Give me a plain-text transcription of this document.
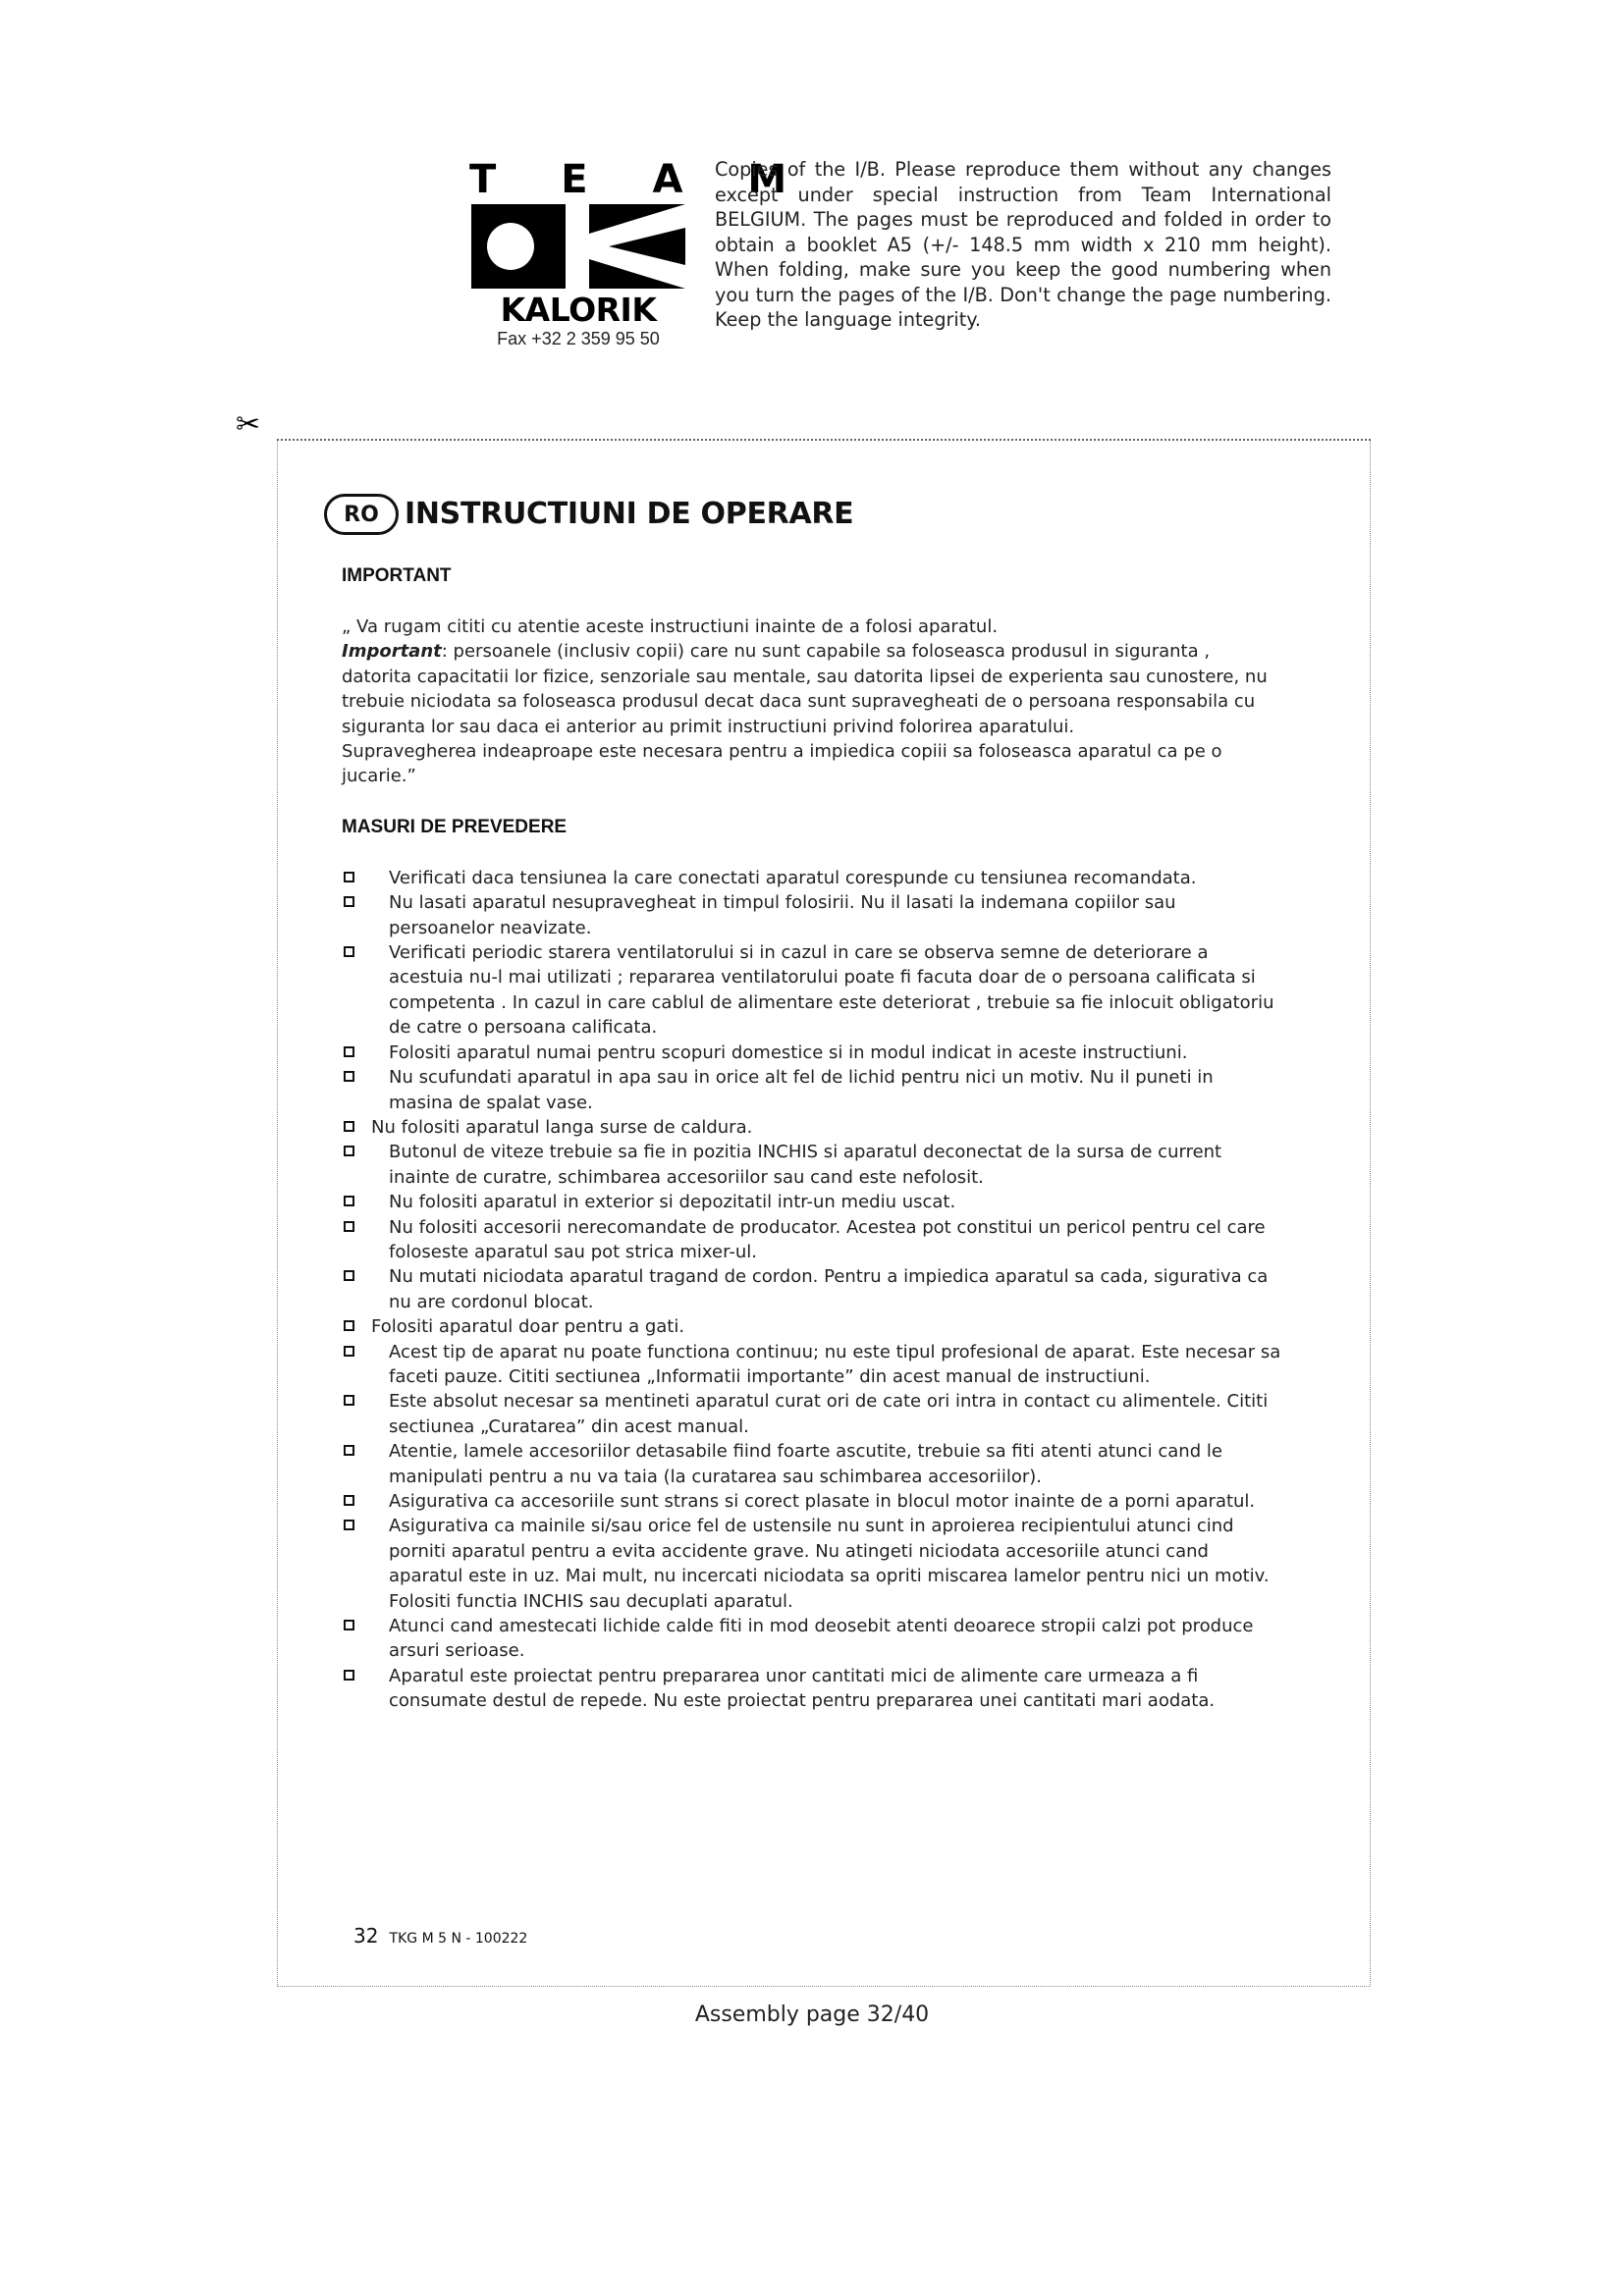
T E A M
KALORIK
Fax +32 2 359 95 50

Copies of the I/B. Please reproduce them without any changes except under special instruction from Team International BELGIUM. The pages must be reproduced and folded in order to obtain a booklet A5 (+/- 148.5 mm width x 210 mm height). When folding, make sure you keep the good numbering when you turn the pages of the I/B. Don't change the page numbering. Keep the language integrity.

✂
RO INSTRUCTIUNI DE OPERARE
IMPORTANT

„ Va rugam cititi cu atentie aceste instructiuni inainte de a folosi aparatul.

Important: persoanele (inclusiv copii) care nu sunt capabile sa foloseasca produsul in siguranta , datorita capacitatii lor fizice, senzoriale sau mentale, sau datorita lipsei de experienta sau cunostere, nu trebuie niciodata sa foloseasca produsul decat daca sunt supravegheati de o persoana responsabila cu siguranta lor sau daca ei anterior au primit instructiuni privind folorirea aparatului.

Supravegherea indeaproape este necesara pentru a impiedica copiii sa foloseasca aparatul ca pe o jucarie.”

MASURI DE PREVEDERE
Verificati daca tensiunea la care conectati aparatul corespunde cu tensiunea recomandata.
Nu lasati aparatul nesupravegheat in timpul folosirii. Nu il lasati la indemana copiilor sau persoanelor neavizate.
Verificati periodic starera ventilatorului si in cazul in care se observa semne de deteriorare a acestuia nu-l mai utilizati ; repararea ventilatorului poate fi facuta doar de o persoana calificata si competenta . In cazul in care cablul de alimentare este deteriorat , trebuie sa fie inlocuit obligatoriu de catre o persoana calificata.
Folositi aparatul numai pentru scopuri domestice si in modul indicat in aceste instructiuni.
Nu scufundati aparatul in apa sau in orice alt fel de lichid pentru nici un motiv. Nu il puneti in masina de spalat vase.
Nu folositi aparatul langa surse de caldura.
Butonul de viteze trebuie sa fie in pozitia INCHIS si aparatul deconectat de la sursa de current inainte de curatre, schimbarea accesoriilor sau cand este nefolosit.
Nu folositi aparatul in exterior si depozitatil intr-un mediu uscat.
Nu folositi accesorii nerecomandate de producator. Acestea pot constitui un pericol pentru cel care foloseste aparatul sau pot strica mixer-ul.
Nu mutati niciodata aparatul tragand de cordon. Pentru a impiedica aparatul sa cada, sigurativa ca nu are cordonul blocat.
Folositi aparatul doar pentru a gati.
Acest tip de aparat nu poate functiona continuu; nu este tipul profesional de aparat. Este necesar sa faceti pauze. Cititi sectiunea „Informatii importante” din acest manual de instructiuni.
Este absolut necesar sa mentineti aparatul curat ori de cate ori intra in contact cu alimentele. Cititi sectiunea „Curatarea” din acest manual.
Atentie, lamele accesoriilor detasabile fiind foarte ascutite, trebuie sa fiti atenti atunci cand le manipulati pentru a nu va taia (la curatarea sau schimbarea accesoriilor).
Asigurativa ca accesoriile sunt strans si corect plasate in blocul motor inainte de a porni aparatul.
Asigurativa ca mainile si/sau orice fel de ustensile nu sunt in aproierea recipientului atunci cind porniti aparatul pentru a evita accidente grave. Nu atingeti niciodata accesoriile atunci cand aparatul este in uz. Mai mult, nu incercati niciodata sa opriti miscarea lamelor pentru nici un motiv. Folositi functia INCHIS sau decuplati aparatul.
Atunci cand amestecati lichide calde fiti in mod deosebit atenti deoarece stropii calzi pot produce arsuri serioase.
Aparatul este proiectat pentru prepararea unor cantitati mici de alimente care urmeaza a fi consumate destul de repede. Nu este proiectat pentru prepararea unei cantitati mari aodata.
32 TKG M 5 N - 100222
Assembly page 32/40
